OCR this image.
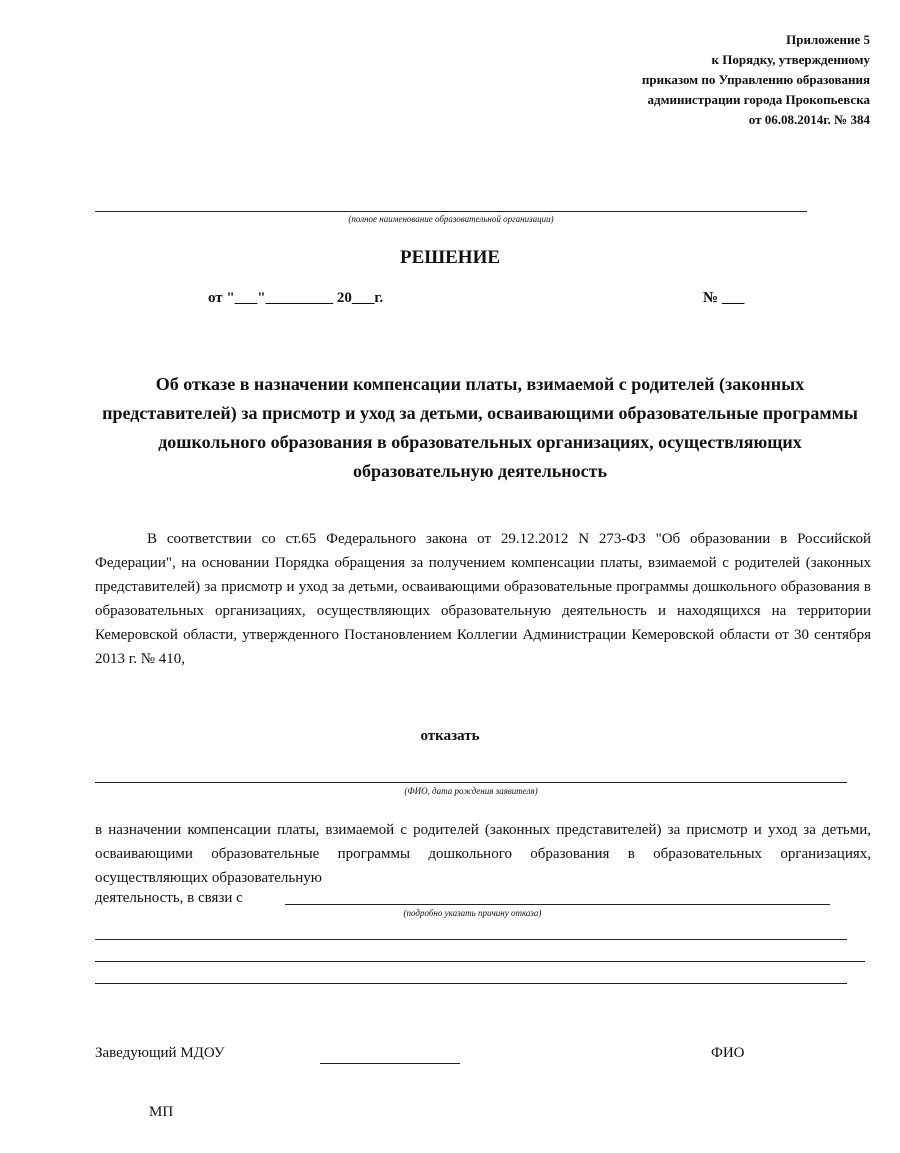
Приложение 5
к Порядку, утвержденному
приказом по Управлению образования
администрации города Прокопьевска
от 06.08.2014г. № 384
(полное наименование образовательной организации)
РЕШЕНИЕ
от "___"_________ 20___г.	№ ___
Об отказе в назначении компенсации платы, взимаемой с родителей (законных представителей) за присмотр и уход за детьми, осваивающими образовательные программы дошкольного образования в образовательных организациях, осуществляющих образовательную деятельность
В соответствии со ст.65 Федерального закона от 29.12.2012 N 273-ФЗ "Об образовании в Российской Федерации", на основании Порядка обращения за получением компенсации платы, взимаемой с родителей (законных представителей) за присмотр и уход за детьми, осваивающими образовательные программы дошкольного образования в образовательных организациях, осуществляющих образовательную деятельность и находящихся на территории Кемеровской области, утвержденного Постановлением Коллегии Администрации Кемеровской области от 30 сентября 2013 г. № 410,
отказать
(ФИО, дата рождения заявителя)
в назначении компенсации платы, взимаемой с родителей (законных представителей) за присмотр и уход за детьми, осваивающими образовательные программы дошкольного образования в образовательных организациях, осуществляющих образовательную
деятельность, в связи с
(подробно указать причину отказа)
Заведующий МДОУ	ФИО
МП
